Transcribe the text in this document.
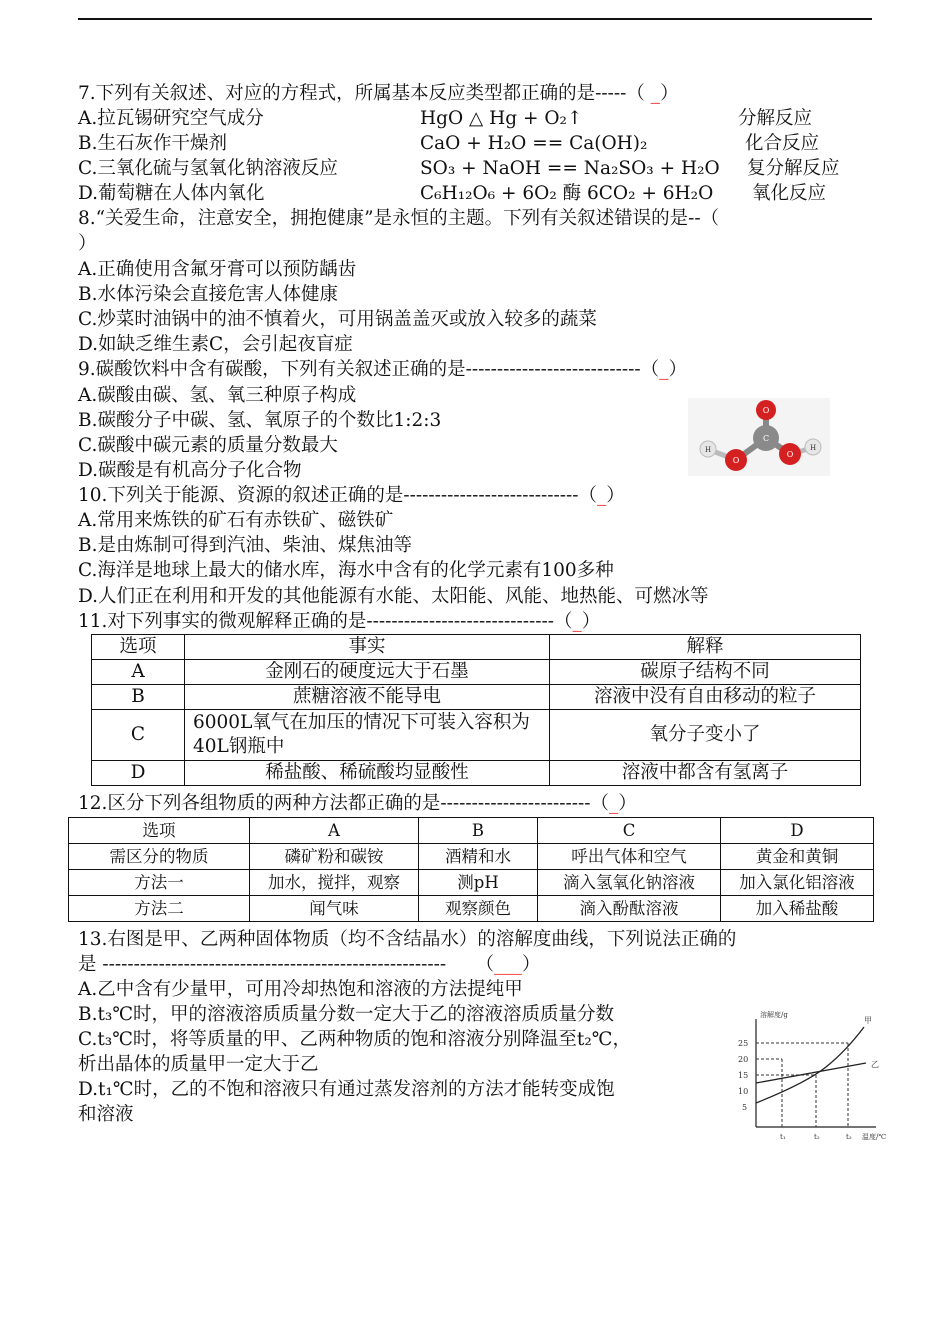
7.下列有关叙述、对应的方程式，所属基本反应类型都正确的是-----（ _）
A.拉瓦锡研究空气成分	HgO △ Hg + O₂↑	分解反应
B.生石灰作干燥剂	CaO + H₂O == Ca(OH)₂	化合反应
C.三氧化硫与氢氧化钠溶液反应	SO₃ + NaOH == Na₂SO₃ + H₂O 复分解反应
D.葡萄糖在人体内氧化	C₆H₁₂O₆ + 6O₂ 酶 6CO₂ + 6H₂O 氧化反应
8.“关爱生命，注意安全，拥抱健康”是永恒的主题。下列有关叙述错误的是--（
）
A.正确使用含氟牙膏可以预防龋齿
B.水体污染会直接危害人体健康
C.炒菜时油锅中的油不慎着火，可用锅盖盖灭或放入较多的蔬菜
D.如缺乏维生素C，会引起夜盲症
9.碳酸饮料中含有碳酸，下列有关叙述正确的是----------------------------（_）
A.碳酸由碳、氢、氧三种原子构成
B.碳酸分子中碳、氢、氧原子的个数比1:2:3
C.碳酸中碳元素的质量分数最大
D.碳酸是有机高分子化合物
O
C
H
O
O
H
10.下列关于能源、资源的叙述正确的是----------------------------（_）
A.常用来炼铁的矿石有赤铁矿、磁铁矿
B.是由炼制可得到汽油、柴油、煤焦油等
C.海洋是地球上最大的储水库，海水中含有的化学元素有100多种
D.人们正在利用和开发的其他能源有水能、太阳能、风能、地热能、可燃冰等
11.对下列事实的微观解释正确的是------------------------------（_）
选项	事实	解释
A	金刚石的硬度远大于石墨	碳原子结构不同
B	蔗糖溶液不能导电	溶液中没有自由移动的粒子
C	6000L氧气在加压的情况下可装入容积为40L钢瓶中	氧分子变小了
D	稀盐酸、稀硫酸均显酸性	溶液中都含有氢离子
12.区分下列各组物质的两种方法都正确的是------------------------（_）
选项	A	B	C	D
需区分的物质	磷矿粉和碳铵	酒精和水	呼出气体和空气	黄金和黄铜
方法一	加水，搅拌，观察	测pH	滴入氢氧化钠溶液	加入氯化铝溶液
方法二	闻气味	观察颜色	滴入酚酞溶液	加入稀盐酸
13.右图是甲、乙两种固体物质（均不含结晶水）的溶解度曲线，下列说法正确的
是 -------------------------------------------------------     （___）
A.乙中含有少量甲，可用冷却热饱和溶液的方法提纯甲
B.t₃℃时，甲的溶液溶质质量分数一定大于乙的溶液溶质质量分数
C.t₃℃时，将等质量的甲、乙两种物质的饱和溶液分别降温至t₂℃，
析出晶体的质量甲一定大于乙
D.t₁℃时，乙的不饱和溶液只有通过蒸发溶剂的方法才能转变成饱
和溶液
溶解度/g
温度/℃
25
20
15
10
5
甲
乙
t₁	t₂	t₃
